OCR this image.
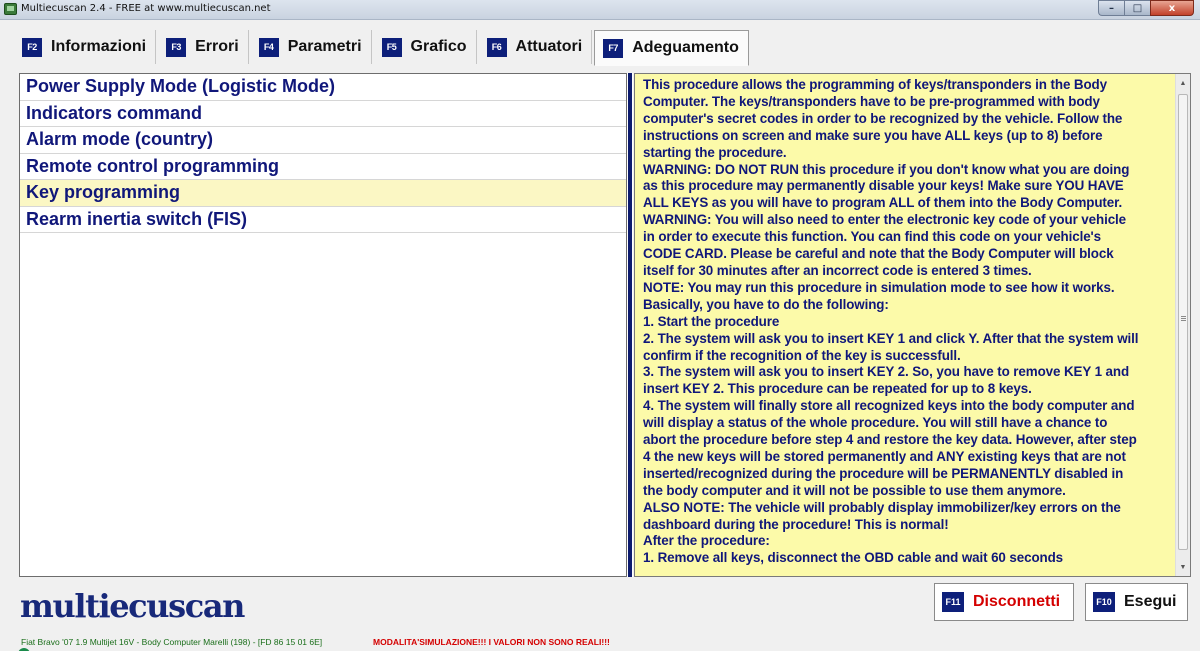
Multiecuscan 2.4 - FREE at www.multiecuscan.net	–	□	x
F2 Informazioni	F3 Errori	F4 Parametri	F5 Grafico	F6 Attuatori	F7 Adeguamento
Power Supply Mode (Logistic Mode)
Indicators command
Alarm mode (country)
Remote control programming
Key programming
Rearm inertia switch (FIS)
This procedure allows the programming of keys/transponders in the Body
Computer. The keys/transponders have to be pre-programmed with body
computer's secret codes in order to be recognized by the vehicle. Follow the
instructions on screen and make sure you have ALL keys (up to 8) before
starting the procedure.
WARNING: DO NOT RUN this procedure if you don't know what you are doing
as this procedure may permanently disable your keys! Make sure YOU HAVE
ALL KEYS as you will have to program ALL of them into the Body Computer.
WARNING: You will also need to enter the electronic key code of your vehicle
in order to execute this function. You can find this code on your vehicle's
CODE CARD. Please be careful and note that the Body Computer will block
itself for 30 minutes after an incorrect code is entered 3 times.
NOTE: You may run this procedure in simulation mode to see how it works.
Basically, you have to do the following:
1. Start the procedure
2. The system will ask you to insert KEY 1 and click Y. After that the system will
confirm if the recognition of the key is successfull.
3. The system will ask you to insert KEY 2. So, you have to remove KEY 1 and
insert KEY 2. This procedure can be repeated for up to 8 keys.
4. The system will finally store all recognized keys into the body computer and
will display a status of the whole procedure. You will still have a chance to
abort the procedure before step 4 and restore the key data. However, after step
4 the new keys will be stored permanently and ANY existing keys that are not
inserted/recognized during the procedure will be PERMANENTLY disabled in
the body computer and it will not be possible to use them anymore.
ALSO NOTE: The vehicle will probably display immobilizer/key errors on the
dashboard during the procedure! This is normal!
After the procedure:
1. Remove all keys, disconnect the OBD cable and wait 60 seconds
▲
▼
multiecuscan	F11 Disconnetti	F10 Esegui
Fiat Bravo '07 1.9 Multijet 16V - Body Computer Marelli (198) - [FD 86 15 01 6E]	MODALITA'SIMULAZIONE!!! I VALORI NON SONO REALI!!!
